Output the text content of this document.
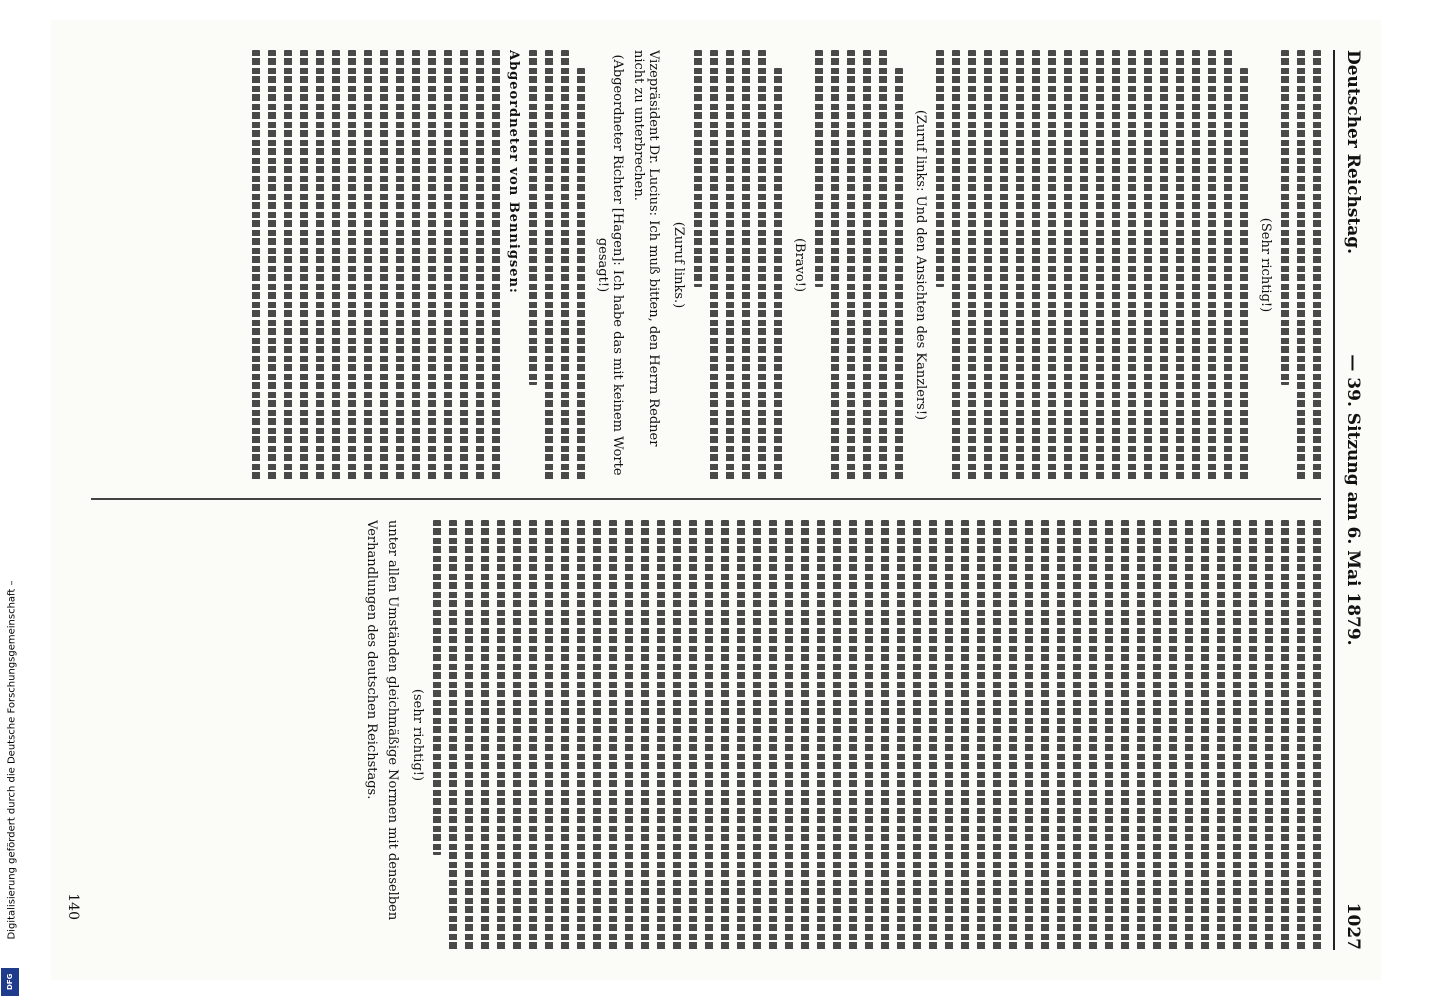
Deutscher Reichstag.
— 39. Sitzung am 6. Mai 1879.
1027
(Sehr richtig!)
(Zuruf links: Und den Ansichten des Kanzlers!)
(Bravo!)
(Zuruf links.)
Vizepräsident Dr. Lucius: Ich muß bitten, den Herrn Redner nicht zu unterbrechen.
(Abgeordneter Richter [Hagen]: Ich habe das mit keinem Worte gesagt!)
Abgeordneter von Bennigsen:
(sehr richtig!)
unter allen Umständen gleichmäßige Normen mit denselben
Verhandlungen des deutschen Reichstags.
140
Digitalisierung gefördert durch die Deutsche Forschungsgemeinschaft –
DFG
